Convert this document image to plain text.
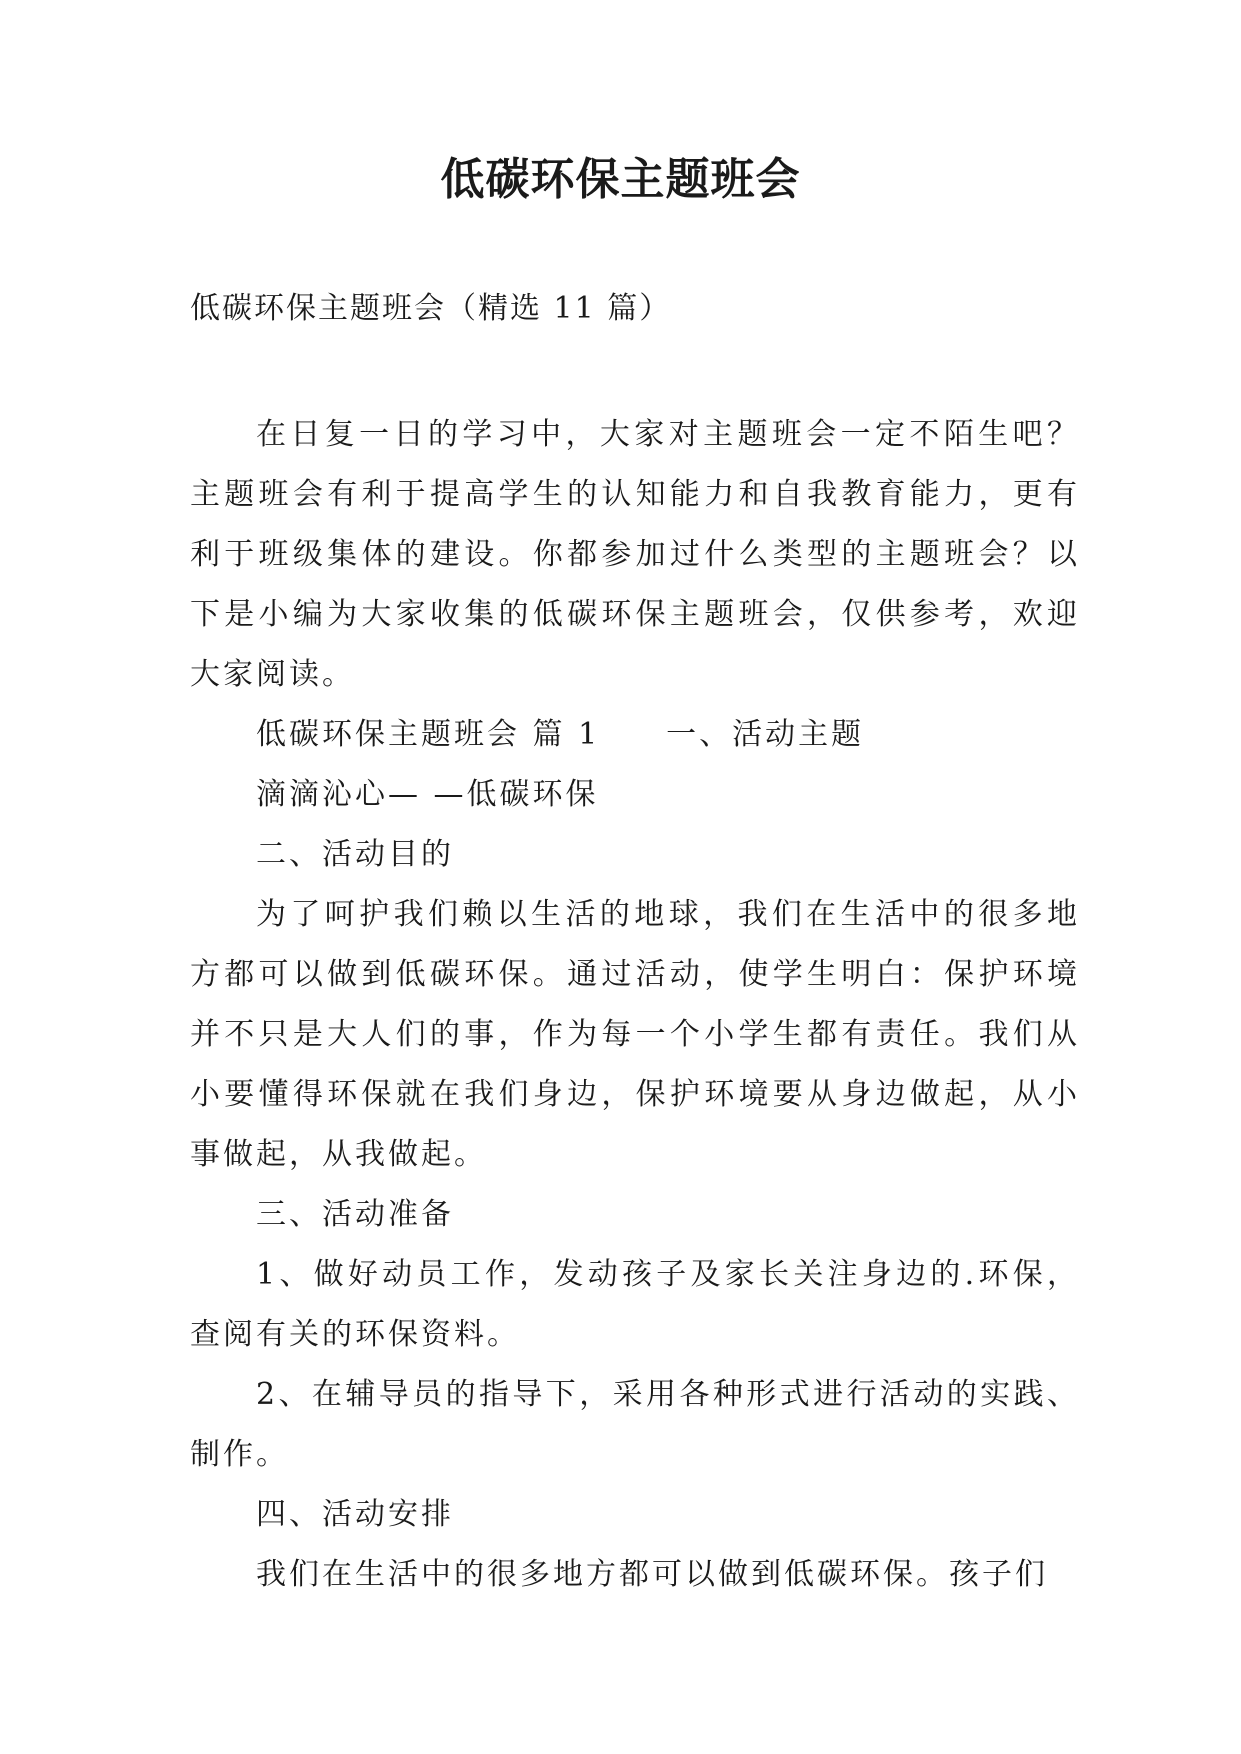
低碳环保主题班会
低碳环保主题班会（精选 11 篇）

在日复一日的学习中，大家对主题班会一定不陌生吧？主题班会有利于提高学生的认知能力和自我教育能力，更有利于班级集体的建设。你都参加过什么类型的主题班会？以下是小编为大家收集的低碳环保主题班会，仅供参考，欢迎大家阅读。

低碳环保主题班会 篇 1 一、活动主题

滴滴沁心— —低碳环保

二、活动目的

为了呵护我们赖以生活的地球，我们在生活中的很多地方都可以做到低碳环保。通过活动，使学生明白：保护环境并不只是大人们的事，作为每一个小学生都有责任。我们从小要懂得环保就在我们身边，保护环境要从身边做起，从小事做起，从我做起。

三、活动准备

1、做好动员工作，发动孩子及家长关注身边的.环保，查阅有关的环保资料。

2、在辅导员的指导下，采用各种形式进行活动的实践、制作。

四、活动安排

我们在生活中的很多地方都可以做到低碳环保。孩子们
